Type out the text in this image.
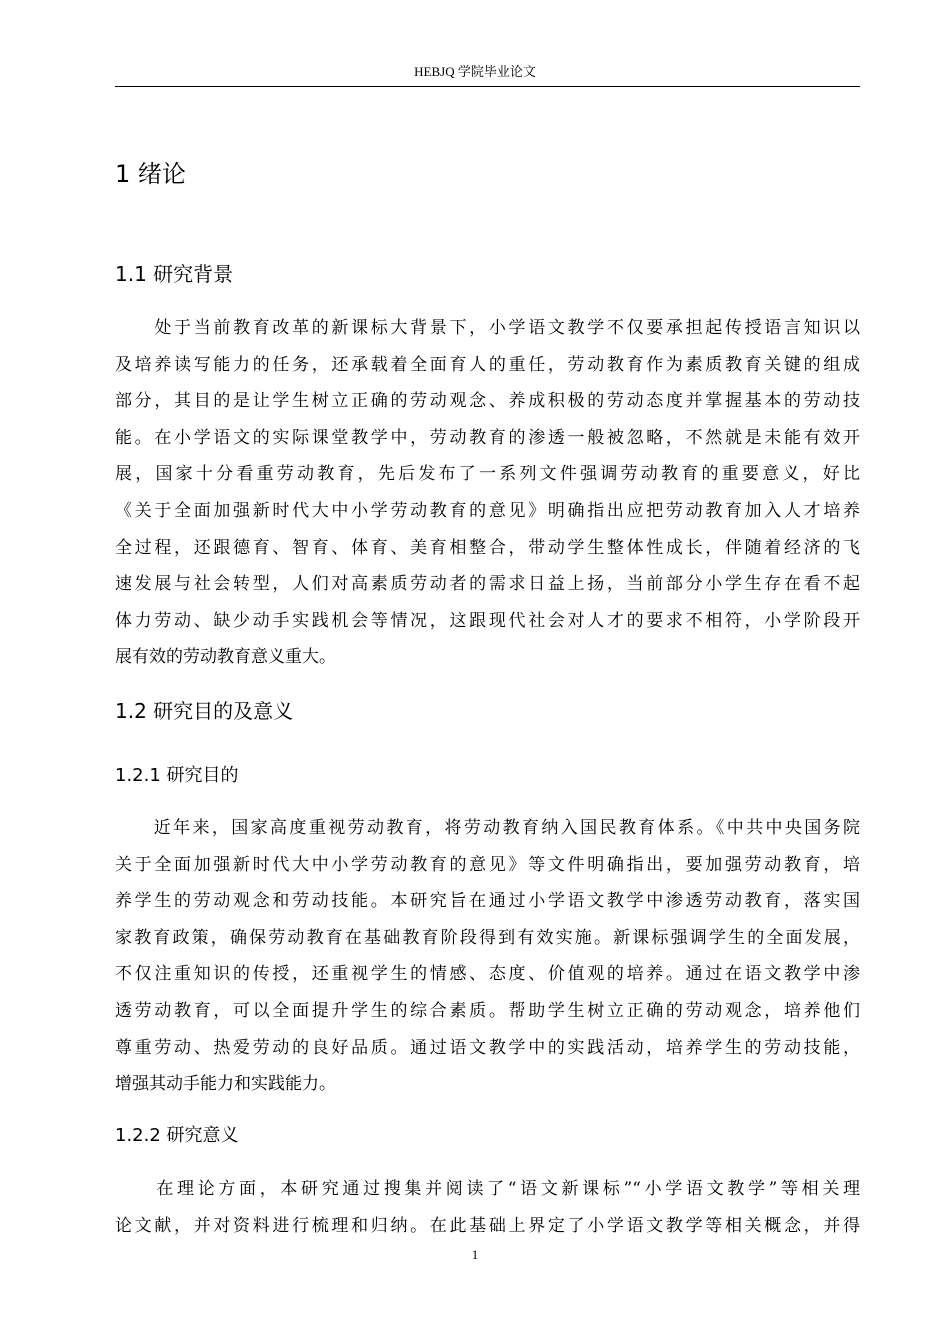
HEBJQ 学院毕业论文
1 绪论
1.1 研究背景
　　处于当前教育改革的新课标大背景下，小学语文教学不仅要承担起传授语言知识以
及培养读写能力的任务，还承载着全面育人的重任，劳动教育作为素质教育关键的组成
部分，其目的是让学生树立正确的劳动观念、养成积极的劳动态度并掌握基本的劳动技
能。在小学语文的实际课堂教学中，劳动教育的渗透一般被忽略，不然就是未能有效开
展，国家十分看重劳动教育，先后发布了一系列文件强调劳动教育的重要意义，好比
《关于全面加强新时代大中小学劳动教育的意见》明确指出应把劳动教育加入人才培养
全过程，还跟德育、智育、体育、美育相整合，带动学生整体性成长，伴随着经济的飞
速发展与社会转型，人们对高素质劳动者的需求日益上扬，当前部分小学生存在看不起
体力劳动、缺少动手实践机会等情况，这跟现代社会对人才的要求不相符，小学阶段开
展有效的劳动教育意义重大。
1.2 研究目的及意义
1.2.1 研究目的
　　近年来，国家高度重视劳动教育，将劳动教育纳入国民教育体系。《中共中央国务院
关于全面加强新时代大中小学劳动教育的意见》等文件明确指出，要加强劳动教育，培
养学生的劳动观念和劳动技能。本研究旨在通过小学语文教学中渗透劳动教育，落实国
家教育政策，确保劳动教育在基础教育阶段得到有效实施。新课标强调学生的全面发展，
不仅注重知识的传授，还重视学生的情感、态度、价值观的培养。通过在语文教学中渗
透劳动教育，可以全面提升学生的综合素质。帮助学生树立正确的劳动观念，培养他们
尊重劳动、热爱劳动的良好品质。通过语文教学中的实践活动，培养学生的劳动技能，
增强其动手能力和实践能力。
1.2.2 研究意义
　　在理论方面，本研究通过搜集并阅读了“语文新课标”“小学语文教学”等相关理
论文献，并对资料进行梳理和归纳。在此基础上界定了小学语文教学等相关概念，并得
1
